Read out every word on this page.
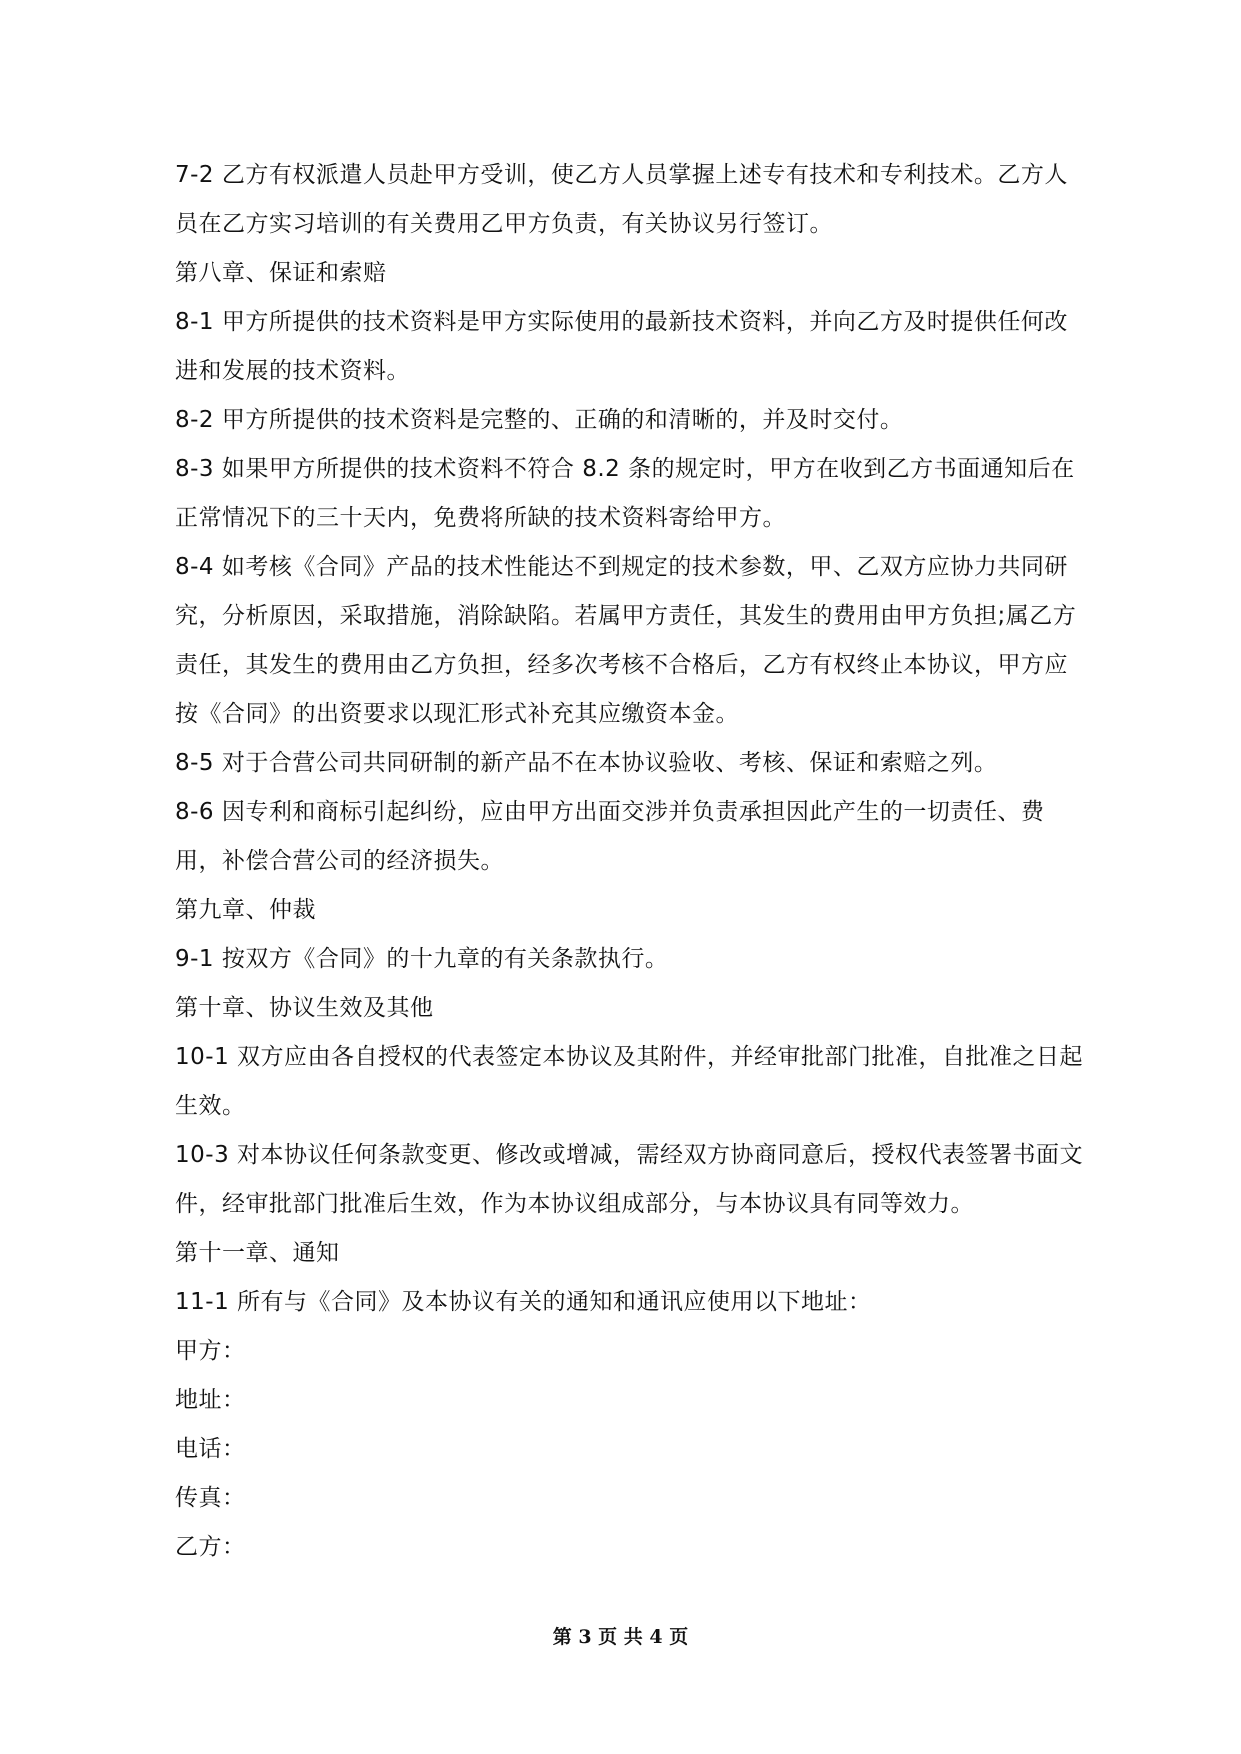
7-2 乙方有权派遣人员赴甲方受训，使乙方人员掌握上述专有技术和专利技术。乙方人员在乙方实习培训的有关费用乙甲方负责，有关协议另行签订。

第八章、保证和索赔

8-1 甲方所提供的技术资料是甲方实际使用的最新技术资料，并向乙方及时提供任何改进和发展的技术资料。

8-2 甲方所提供的技术资料是完整的、正确的和清晰的，并及时交付。

8-3 如果甲方所提供的技术资料不符合 8.2 条的规定时，甲方在收到乙方书面通知后在正常情况下的三十天内，免费将所缺的技术资料寄给甲方。

8-4 如考核《合同》产品的技术性能达不到规定的技术参数，甲、乙双方应协力共同研究，分析原因，采取措施，消除缺陷。若属甲方责任，其发生的费用由甲方负担;属乙方责任，其发生的费用由乙方负担，经多次考核不合格后，乙方有权终止本协议，甲方应按《合同》的出资要求以现汇形式补充其应缴资本金。

8-5 对于合营公司共同研制的新产品不在本协议验收、考核、保证和索赔之列。

8-6 因专利和商标引起纠纷，应由甲方出面交涉并负责承担因此产生的一切责任、费用，补偿合营公司的经济损失。

第九章、仲裁

9-1 按双方《合同》的十九章的有关条款执行。

第十章、协议生效及其他

10-1 双方应由各自授权的代表签定本协议及其附件，并经审批部门批准，自批准之日起生效。

10-3 对本协议任何条款变更、修改或增减，需经双方协商同意后，授权代表签署书面文件，经审批部门批准后生效，作为本协议组成部分，与本协议具有同等效力。

第十一章、通知

11-1 所有与《合同》及本协议有关的通知和通讯应使用以下地址：

甲方：

地址：

电话：

传真：

乙方：

第 3 页 共 4 页
